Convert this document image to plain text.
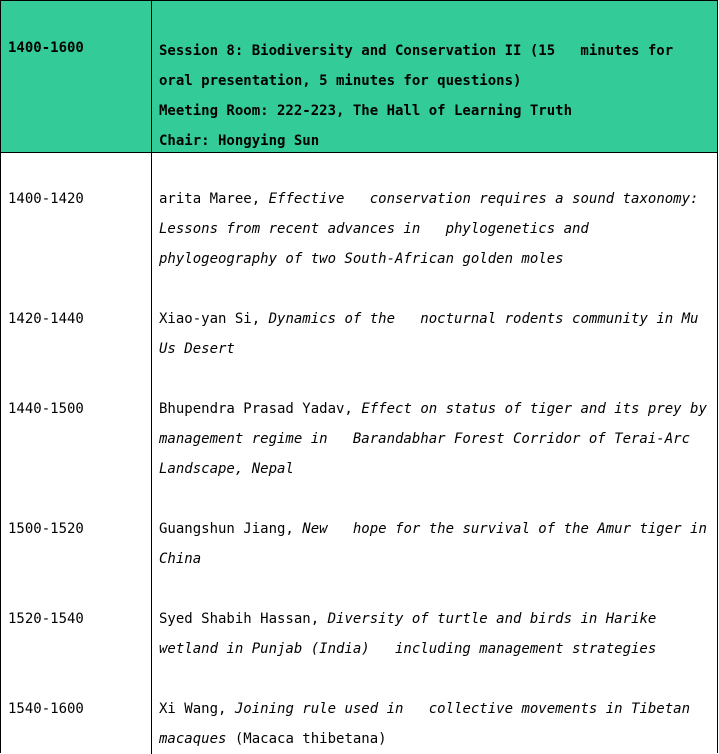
1400-1600	Session 8: Biodiversity and Conservation II (15   minutes for
oral presentation, 5 minutes for questions)
Meeting Room: 222-223, The Hall of Learning Truth
Chair: Hongying Sun
1400-1420	arita Maree, Effective   conservation requires a sound taxonomy: Lessons from recent advances in   phylogenetics and phylogeography of two South-African golden moles
1420-1440	Xiao-yan Si, Dynamics of the   nocturnal rodents community in Mu Us Desert
1440-1500	Bhupendra Prasad Yadav, Effect on status of tiger and its prey by management regime in   Barandabhar Forest Corridor of Terai-Arc Landscape, Nepal
1500-1520	Guangshun Jiang, New   hope for the survival of the Amur tiger in China
1520-1540	Syed Shabih Hassan, Diversity of turtle and birds in Harike wetland in Punjab (India)   including management strategies
1540-1600	Xi Wang, Joining rule used in   collective movements in Tibetan macaques (Macaca thibetana)
